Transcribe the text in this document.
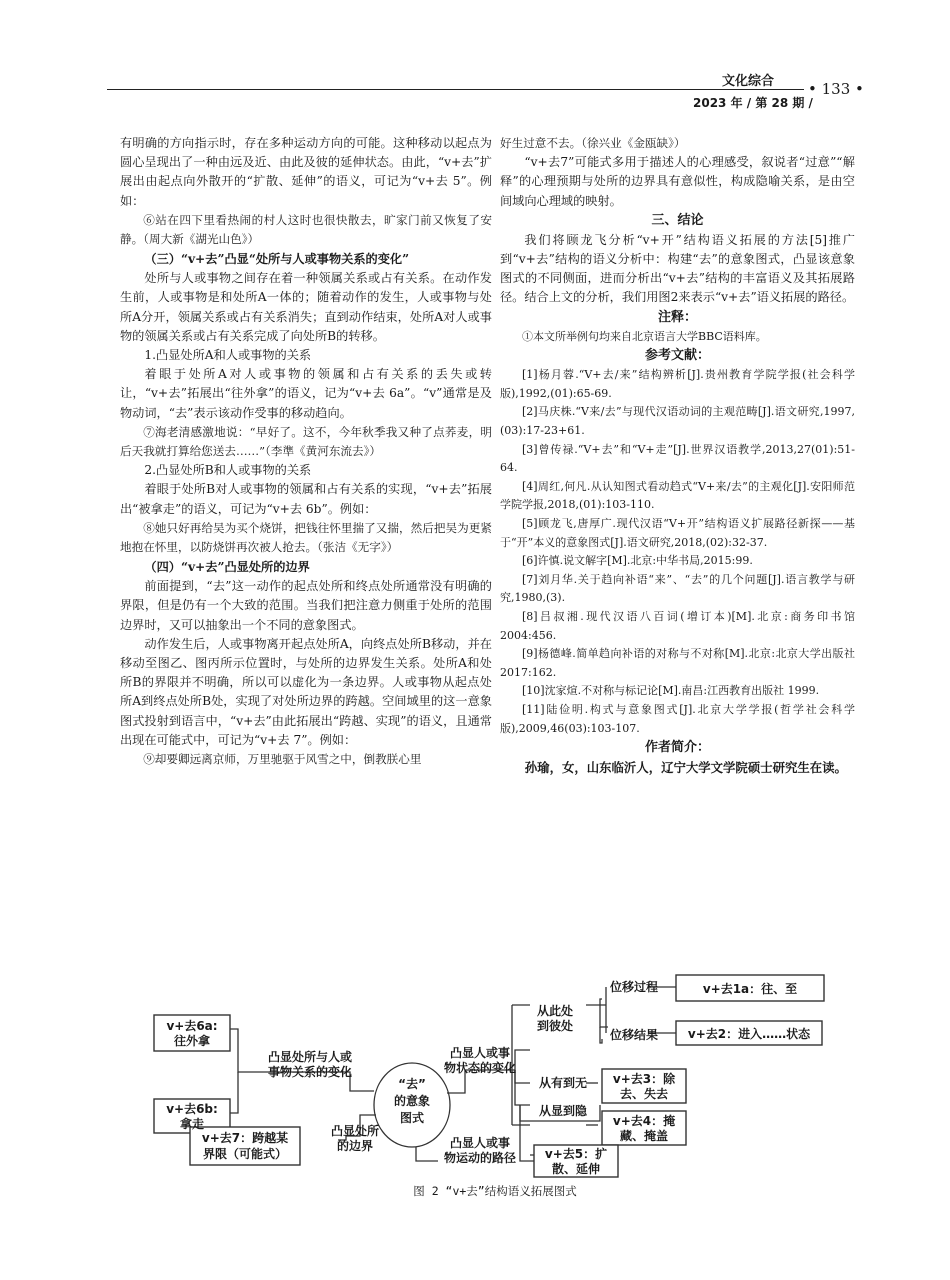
文化综合 • 133 •
2023 年 / 第 28 期 /

有明确的方向指示时，存在多种运动方向的可能。这种移动以起点为圆心呈现出了一种由远及近、由此及彼的延伸状态。由此，“v+去”扩展出由起点向外散开的“扩散、延伸”的语义，可记为“v+去 5”。例如：

⑥站在四下里看热闹的村人这时也很快散去，旷家门前又恢复了安静。（周大新《湖光山色》）

（三）“v+去”凸显“处所与人或事物关系的变化”

处所与人或事物之间存在着一种领属关系或占有关系。在动作发生前，人或事物是和处所A一体的；随着动作的发生，人或事物与处所A分开，领属关系或占有关系消失；直到动作结束，处所A对人或事物的领属关系或占有关系完成了向处所B的转移。

1.凸显处所A和人或事物的关系

着眼于处所A对人或事物的领属和占有关系的丢失或转让，“v+去”拓展出“往外拿”的语义，记为“v+去 6a”。“v”通常是及物动词，“去”表示该动作受事的移动趋向。

⑦海老清感激地说：“早好了。这不，今年秋季我又种了点荞麦，明后天我就打算给您送去……”（李準《黄河东流去》）

2.凸显处所B和人或事物的关系

着眼于处所B对人或事物的领属和占有关系的实现，“v+去”拓展出“被拿走”的语义，可记为“v+去 6b”。例如：

⑧她只好再给吴为买个烧饼，把钱往怀里揣了又揣，然后把吴为更紧地抱在怀里，以防烧饼再次被人抢去。（张洁《无字》）

（四）“v+去”凸显处所的边界

前面提到，“去”这一动作的起点处所和终点处所通常没有明确的界限，但是仍有一个大致的范围。当我们把注意力侧重于处所的范围边界时，又可以抽象出一个不同的意象图式。

动作发生后，人或事物离开起点处所A，向终点处所B移动，并在移动至图乙、图丙所示位置时，与处所的边界发生关系。处所A和处所B的界限并不明确，所以可以虚化为一条边界。人或事物从起点处所A到终点处所B处，实现了对处所边界的跨越。空间域里的这一意象图式投射到语言中，“v+去”由此拓展出“跨越、实现”的语义，且通常出现在可能式中，可记为“v+去 7”。例如：

⑨却要卿远离京师，万里驰驱于风雪之中，倒教朕心里

好生过意不去。（徐兴业《金瓯缺》）

“v+去7”可能式多用于描述人的心理感受，叙说者“过意”“解释”的心理预期与处所的边界具有意似性，构成隐喻关系，是由空间域向心理域的映射。

三、结论

我们将顾龙飞分析“v+开”结构语义拓展的方法[5]推广到“v+去”结构的语义分析中：构建“去”的意象图式，凸显该意象图式的不同侧面，进而分析出“v+去”结构的丰富语义及其拓展路径。结合上文的分析，我们用图2来表示“v+去”语义拓展的路径。

注释：

①本文所举例句均来自北京语言大学BBC语料库。

参考文献：

[1]杨月蓉.“V+去/来”结构辨析[J].贵州教育学院学报(社会科学版),1992,(01):65-69.

[2]马庆株.“V来/去”与现代汉语动词的主观范畴[J].语文研究,1997,(03):17-23+61.

[3]曾传禄.“V+去”和“V+走”[J].世界汉语教学,2013,27(01):51-64.

[4]周红,何凡.从认知图式看动趋式“V+来/去”的主观化[J].安阳师范学院学报,2018,(01):103-110.

[5]顾龙飞,唐厚广.现代汉语“V+开”结构语义扩展路径新探——基于“开”本义的意象图式[J].语文研究,2018,(02):32-37.

[6]许慎.说文解字[M].北京:中华书局,2015:99.

[7]刘月华.关于趋向补语“来”、“去”的几个问题[J].语言教学与研究,1980,(3).

[8]吕叔湘.现代汉语八百词(增订本)[M].北京:商务印书馆 2004:456.

[9]杨德峰.简单趋向补语的对称与不对称[M].北京:北京大学出版社 2017:162.

[10]沈家煊.不对称与标记论[M].南昌:江西教育出版社 1999.

[11]陆俭明.构式与意象图式[J].北京大学学报(哲学社会科学版),2009,46(03):103-107.

作者简介：

孙瑜，女，山东临沂人，辽宁大学文学院硕士研究生在读。

“去”
的意象
图式
凸显处所与人或
事物关系的变化
凸显人或事
物状态的变化
凸显处所
的边界	凸显人或事
物运动的路径
从此处
到彼处
从有到无
从显到隐
位移过程
位移结果
v+去6a:
往外拿
v+去6b:
拿走
v+去7：跨越某
界限（可能式）
v+去1a：往、至
v+去2：进入……状态
v+去3：除
去、失去
v+去4：掩
藏、掩盖
v+去5：扩
散、延伸
图 2 “v+去”结构语义拓展图式
